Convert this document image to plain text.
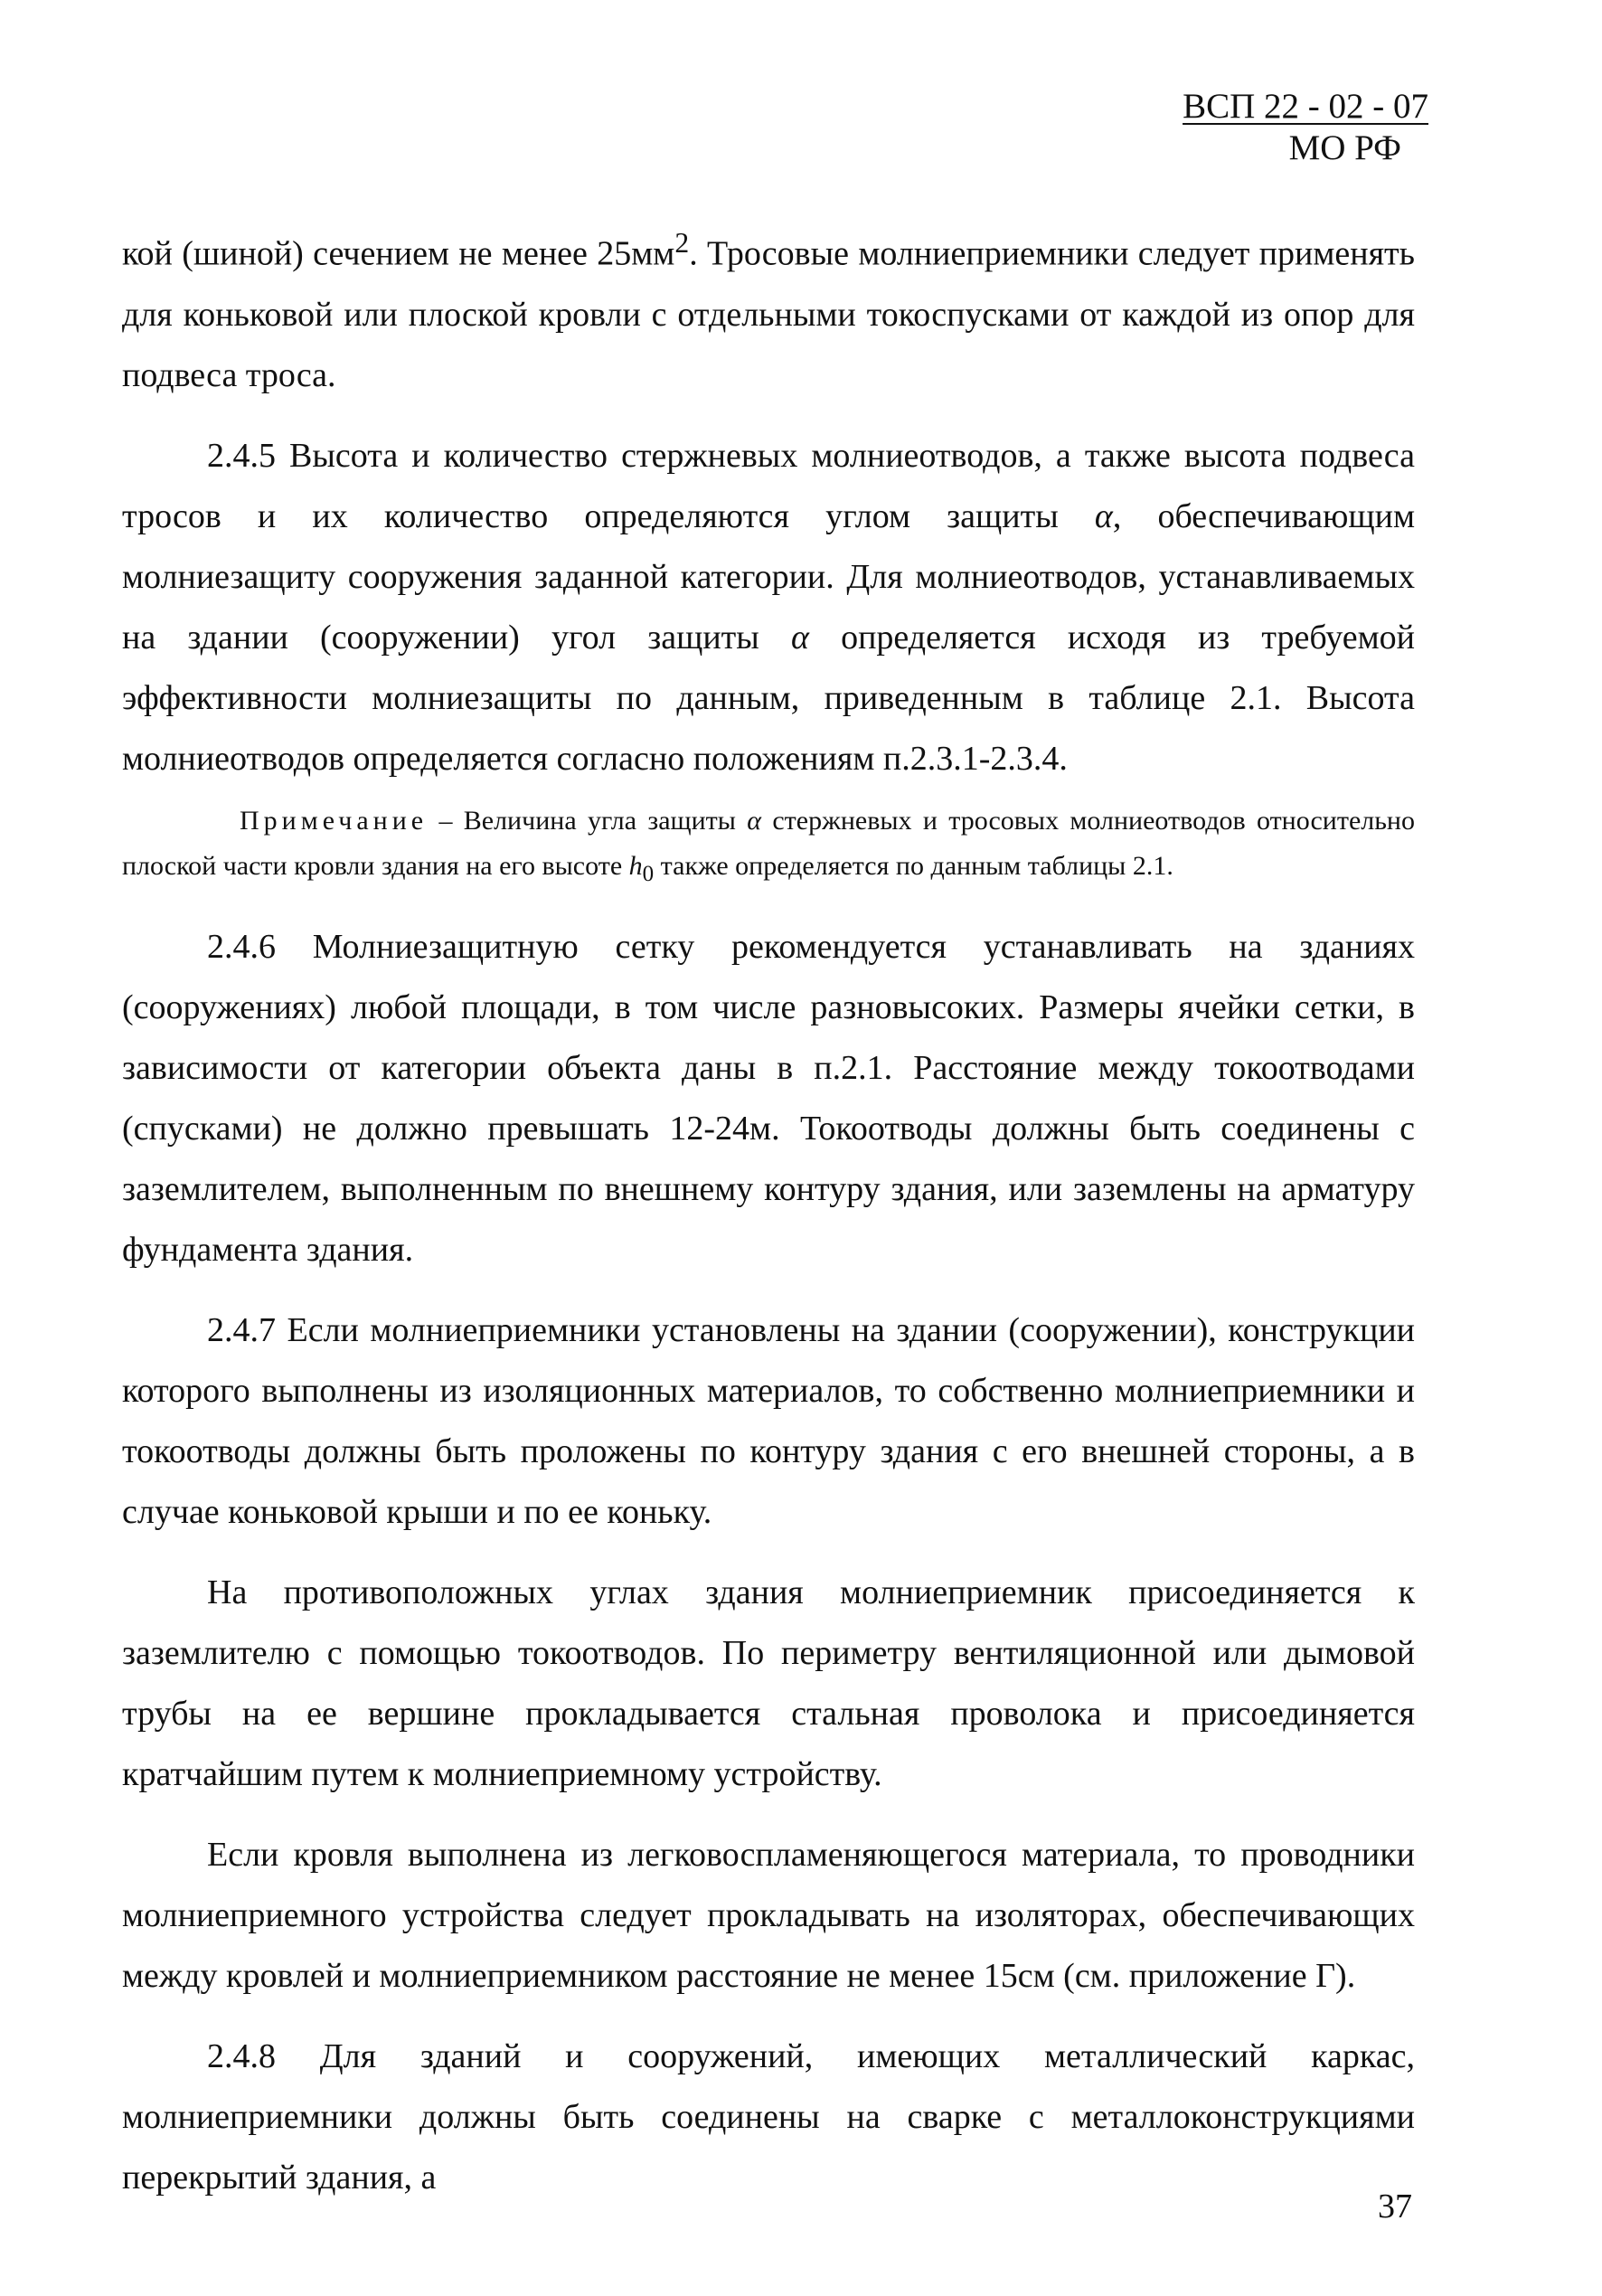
ВСП 22 - 02 - 07
МО РФ

кой (шиной) сечением не менее $25мм^2$. Тросовые молниеприемники следует применять для коньковой или плоской кровли с отдельными токоспусками от каждой из опор для подвеса троса.

2.4.5 Высота и количество стержневых молниеотводов, а также высота подвеса тросов и их количество определяются углом защиты α, обеспечивающим молниезащиту сооружения заданной категории. Для молниеотводов, устанавливаемых на здании (сооружении) угол защиты α определяется исходя из требуемой эффективности молниезащиты по данным, приведенным в таблице 2.1. Высота молниеотводов определяется согласно положениям п.2.3.1-2.3.4.

Примечание – Величина угла защиты α стержневых и тросовых молниеотводов относительно плоской части кровли здания на его высоте $h_0$ также определяется по данным таблицы 2.1.

2.4.6 Молниезащитную сетку рекомендуется устанавливать на зданиях (сооружениях) любой площади, в том числе разновысоких. Размеры ячейки сетки, в зависимости от категории объекта даны в п.2.1. Расстояние между токоотводами (спусками) не должно превышать 12-24м. Токоотводы должны быть соединены с заземлителем, выполненным по внешнему контуру здания, или заземлены на арматуру фундамента здания.

2.4.7 Если молниеприемники установлены на здании (сооружении), конструкции которого выполнены из изоляционных материалов, то собственно молниеприемники и токоотводы должны быть проложены по контуру здания с его внешней стороны, а в случае коньковой крыши и по ее коньку.

На противоположных углах здания молниеприемник присоединяется к заземлителю с помощью токоотводов. По периметру вентиляционной или дымовой трубы на ее вершине прокладывается стальная проволока и присоединяется кратчайшим путем к молниеприемному устройству.

Если кровля выполнена из легковоспламеняющегося материала, то проводники молниеприемного устройства следует прокладывать на изоляторах, обеспечивающих между кровлей и молниеприемником расстояние не менее 15см (см. приложение Г).

2.4.8 Для зданий и сооружений, имеющих металлический каркас, молниеприемники должны быть соединены на сварке с металлоконструкциями перекрытий здания, а

37
